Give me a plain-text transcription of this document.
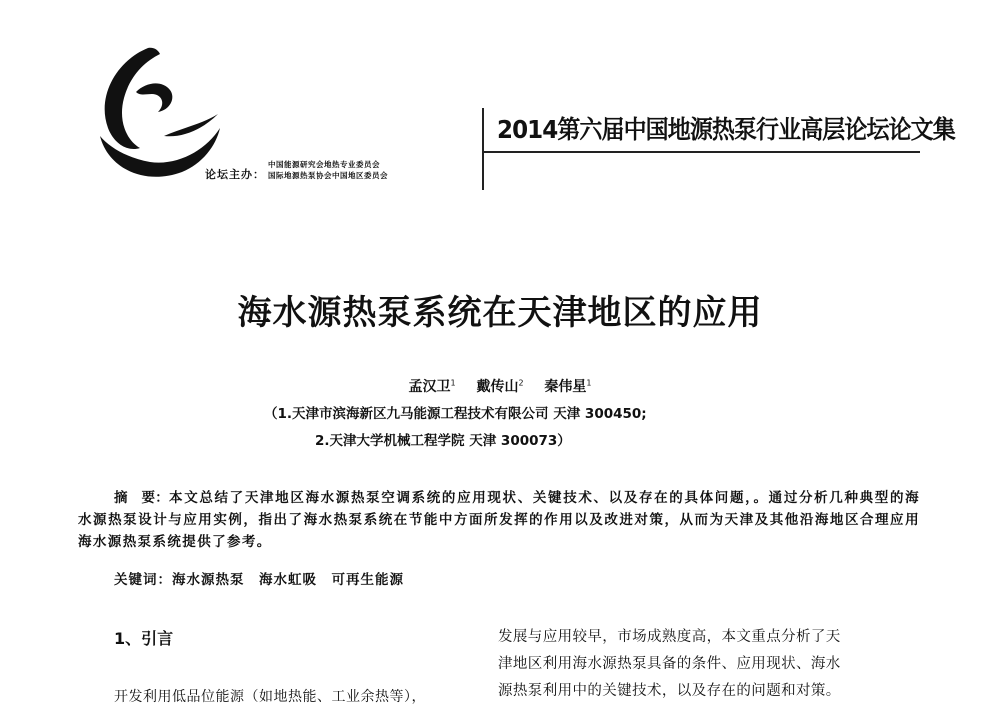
论坛主办：
中国能源研究会地热专业委员会
国际地源热泵协会中国地区委员会
2014第六届中国地源热泵行业高层论坛论文集
海水源热泵系统在天津地区的应用
孟汉卫$^1$ 戴传山$^2$ 秦伟星$^1$
（1.天津市滨海新区九马能源工程技术有限公司 天津 300450;
2.天津大学机械工程学院 天津 300073）
摘　要：本文总结了天津地区海水源热泵空调系统的应用现状、关键技术、以及存在的具体问题，。通过分析几种典型的海水源热泵设计与应用实例，指出了海水热泵系统在节能中方面所发挥的作用以及改进对策，从而为天津及其他沿海地区合理应用海水源热泵系统提供了参考。
关键词：海水源热泵　海水虹吸　可再生能源
1、引言
开发利用低品位能源（如地热能、工业余热等），
发展与应用较早，市场成熟度高，本文重点分析了天
津地区利用海水源热泵具备的条件、应用现状、海水
源热泵利用中的关键技术，以及存在的问题和对策。
